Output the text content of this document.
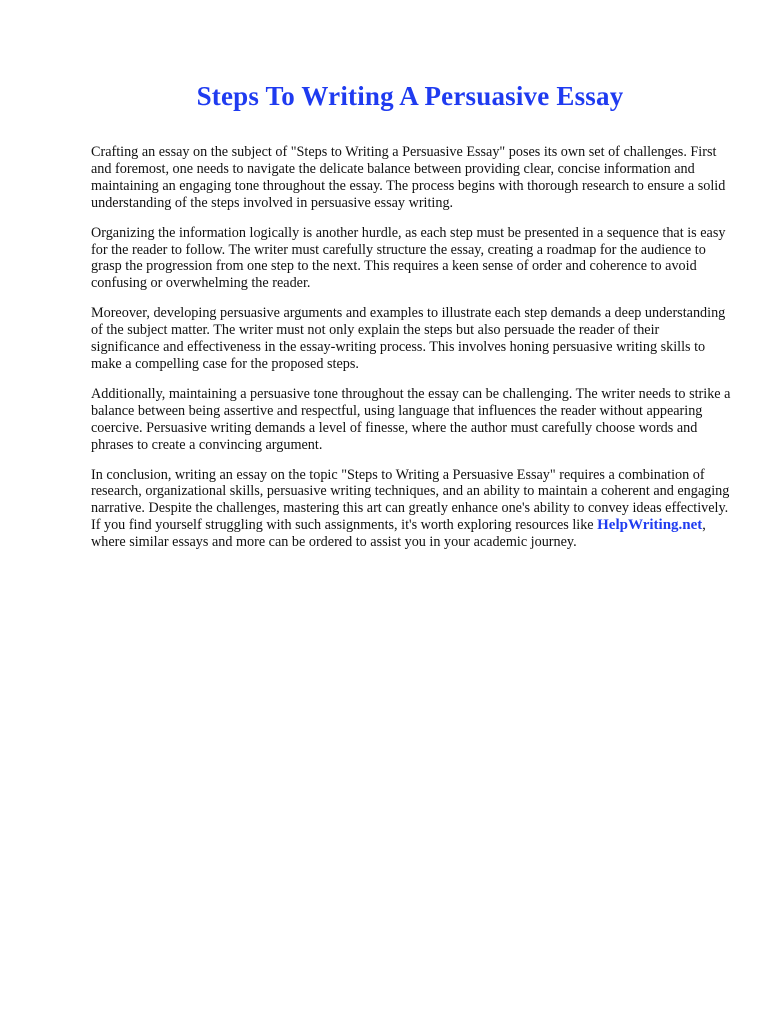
Steps To Writing A Persuasive Essay

Crafting an essay on the subject of "Steps to Writing a Persuasive Essay" poses its own set of challenges. First and foremost, one needs to navigate the delicate balance between providing clear, concise information and maintaining an engaging tone throughout the essay. The process begins with thorough research to ensure a solid understanding of the steps involved in persuasive essay writing.

Organizing the information logically is another hurdle, as each step must be presented in a sequence that is easy for the reader to follow. The writer must carefully structure the essay, creating a roadmap for the audience to grasp the progression from one step to the next. This requires a keen sense of order and coherence to avoid confusing or overwhelming the reader.

Moreover, developing persuasive arguments and examples to illustrate each step demands a deep understanding of the subject matter. The writer must not only explain the steps but also persuade the reader of their significance and effectiveness in the essay-writing process. This involves honing persuasive writing skills to make a compelling case for the proposed steps.

Additionally, maintaining a persuasive tone throughout the essay can be challenging. The writer needs to strike a balance between being assertive and respectful, using language that influences the reader without appearing coercive. Persuasive writing demands a level of finesse, where the author must carefully choose words and phrases to create a convincing argument.

In conclusion, writing an essay on the topic "Steps to Writing a Persuasive Essay" requires a combination of research, organizational skills, persuasive writing techniques, and an ability to maintain a coherent and engaging narrative. Despite the challenges, mastering this art can greatly enhance one's ability to convey ideas effectively. If you find yourself struggling with such assignments, it's worth exploring resources like HelpWriting.net, where similar essays and more can be ordered to assist you in your academic journey.
